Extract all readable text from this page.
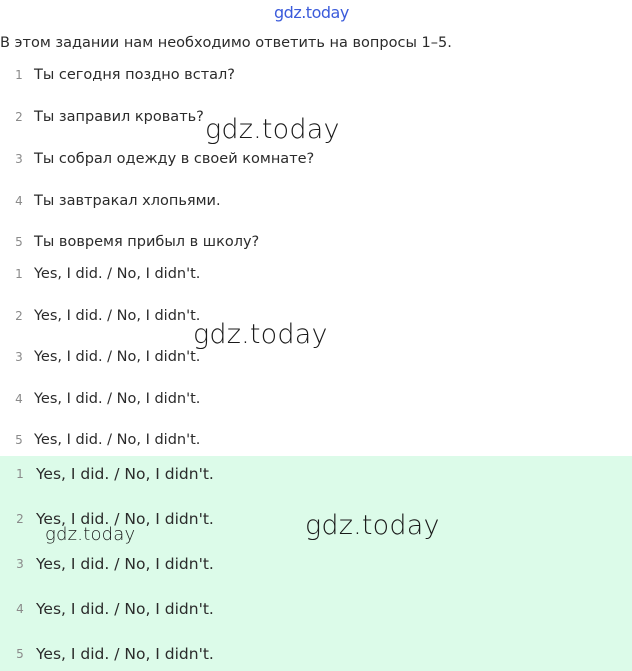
gdz.today
В этом задании нам необходимо ответить на вопросы 1–5.
1 Ты сегодня поздно встал?
2 Ты заправил кровать?
3 Ты собрал одежду в своей комнате?
4 Ты завтракал хлопьями.
5 Ты вовремя прибыл в школу?
1 Yes, I did. / No, I didn't.
2 Yes, I did. / No, I didn't.
3 Yes, I did. / No, I didn't.
4 Yes, I did. / No, I didn't.
5 Yes, I did. / No, I didn't.
1 Yes, I did. / No, I didn't.
2 Yes, I did. / No, I didn't.
3 Yes, I did. / No, I didn't.
4 Yes, I did. / No, I didn't.
5 Yes, I did. / No, I didn't.
gdz.today
gdz.today
gdz.today
gdz.today
